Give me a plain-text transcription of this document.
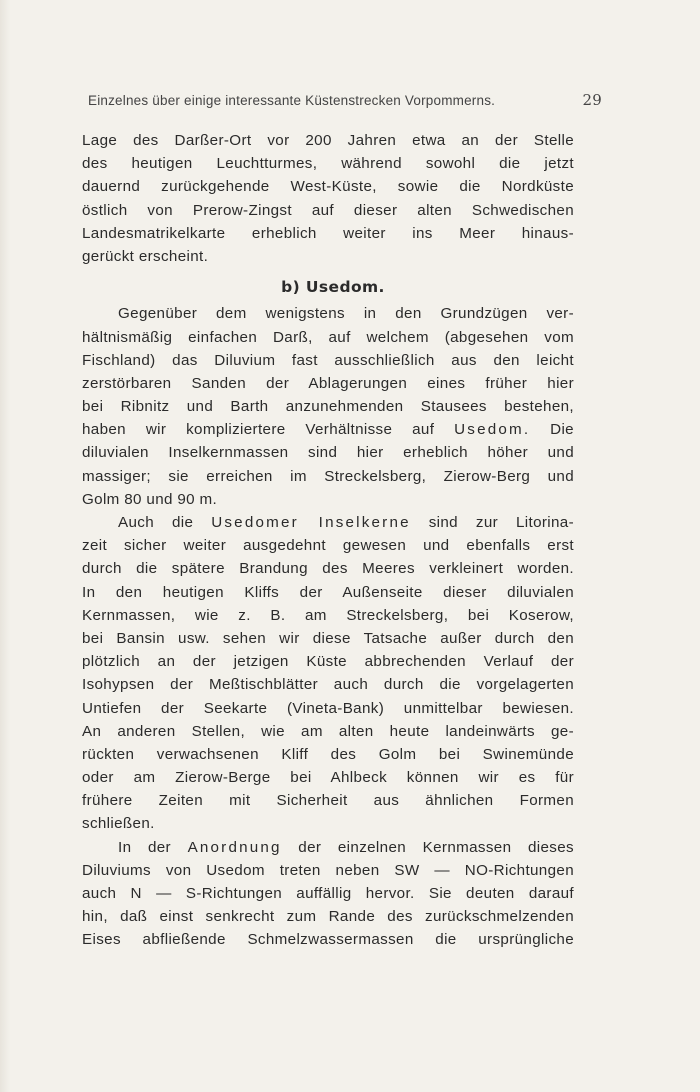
Einzelnes über einige interessante Küstenstrecken Vorpommerns.	29
Lage des Darßer-Ort vor 200 Jahren etwa an der Stelle
des heutigen Leuchtturmes, während sowohl die jetzt
dauernd zurückgehende West-Küste, sowie die Nordküste
östlich von Prerow-Zingst auf dieser alten Schwedischen
Landesmatrikelkarte erheblich weiter ins Meer hinaus-
gerückt erscheint.
b) Usedom.
Gegenüber dem wenigstens in den Grundzügen ver-
hältnismäßig einfachen Darß, auf welchem (abgesehen vom
Fischland) das Diluvium fast ausschließlich aus den leicht
zerstörbaren Sanden der Ablagerungen eines früher hier
bei Ribnitz und Barth anzunehmenden Stausees bestehen,
haben wir kompliziertere Verhältnisse auf Usedom. Die
diluvialen Inselkernmassen sind hier erheblich höher und
massiger; sie erreichen im Streckelsberg, Zierow-Berg und
Golm 80 und 90 m.
Auch die Usedomer Inselkerne sind zur Litorina-
zeit sicher weiter ausgedehnt gewesen und ebenfalls erst
durch die spätere Brandung des Meeres verkleinert worden.
In den heutigen Kliffs der Außenseite dieser diluvialen
Kernmassen, wie z. B. am Streckelsberg, bei Koserow,
bei Bansin usw. sehen wir diese Tatsache außer durch den
plötzlich an der jetzigen Küste abbrechenden Verlauf der
Isohypsen der Meßtischblätter auch durch die vorgelagerten
Untiefen der Seekarte (Vineta-Bank) unmittelbar bewiesen.
An anderen Stellen, wie am alten heute landeinwärts ge-
rückten verwachsenen Kliff des Golm bei Swinemünde
oder am Zierow-Berge bei Ahlbeck können wir es für
frühere Zeiten mit Sicherheit aus ähnlichen Formen
schließen.
In der Anordnung der einzelnen Kernmassen dieses
Diluviums von Usedom treten neben SW — NO-Richtungen
auch N — S-Richtungen auffällig hervor. Sie deuten darauf
hin, daß einst senkrecht zum Rande des zurückschmelzenden
Eises abfließende Schmelzwassermassen die ursprüngliche
